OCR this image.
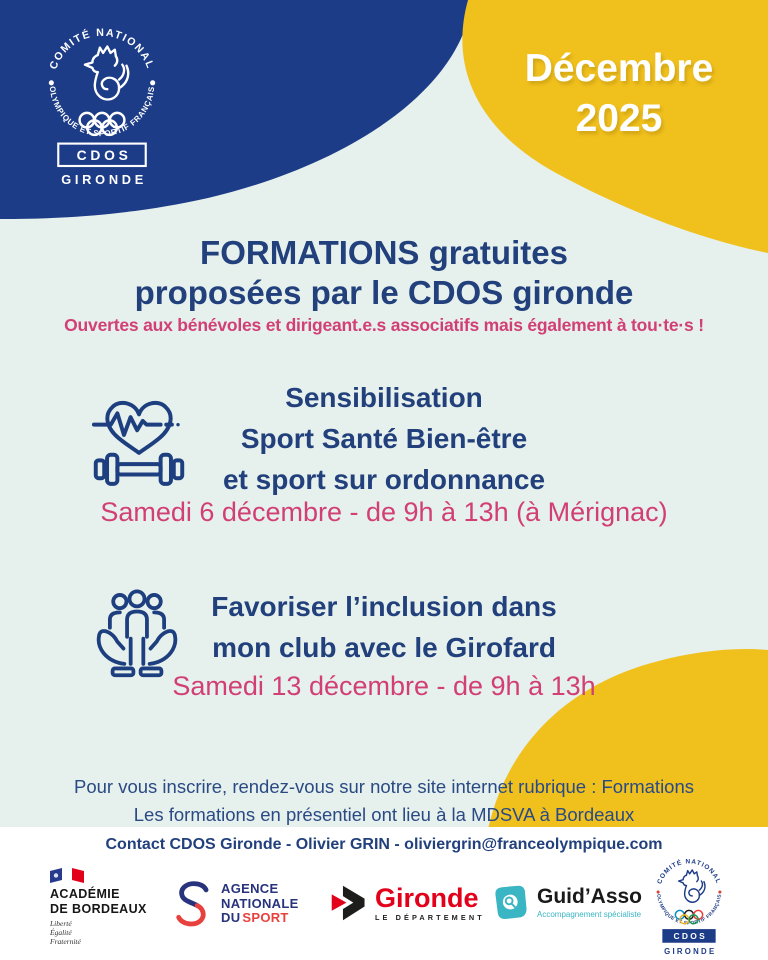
COMITÉ NATIONAL
OLYMPIQUE ET SPORTIF FRANÇAIS
CDOS
GIRONDE
Décembre
2025
FORMATIONS gratuites
proposées par le CDOS gironde
Ouvertes aux bénévoles et dirigeant.e.s associatifs mais également à tou·te·s !
Sensibilisation
Sport Santé Bien-être
et sport sur ordonnance
Samedi 6 décembre - de 9h à 13h (à Mérignac)
Favoriser l’inclusion dans
mon club avec le Girofard
Samedi 13 décembre - de 9h à 13h
Pour vous inscrire, rendez-vous sur notre site internet rubrique : Formations
Les formations en présentiel ont lieu à la MDSVA à Bordeaux
Contact CDOS Gironde - Olivier GRIN - oliviergrin@franceolympique.com
ACADÉMIE
DE BORDEAUX
Liberté
Égalité
Fraternité
AGENCE
NATIONALE
DU SPORT
Gironde
LE DÉPARTEMENT
Guid’Asso
Accompagnement spécialiste
COMITÉ NATIONAL
OLYMPIQUE ET SPORTIF FRANÇAIS
CDOS
GIRONDE
